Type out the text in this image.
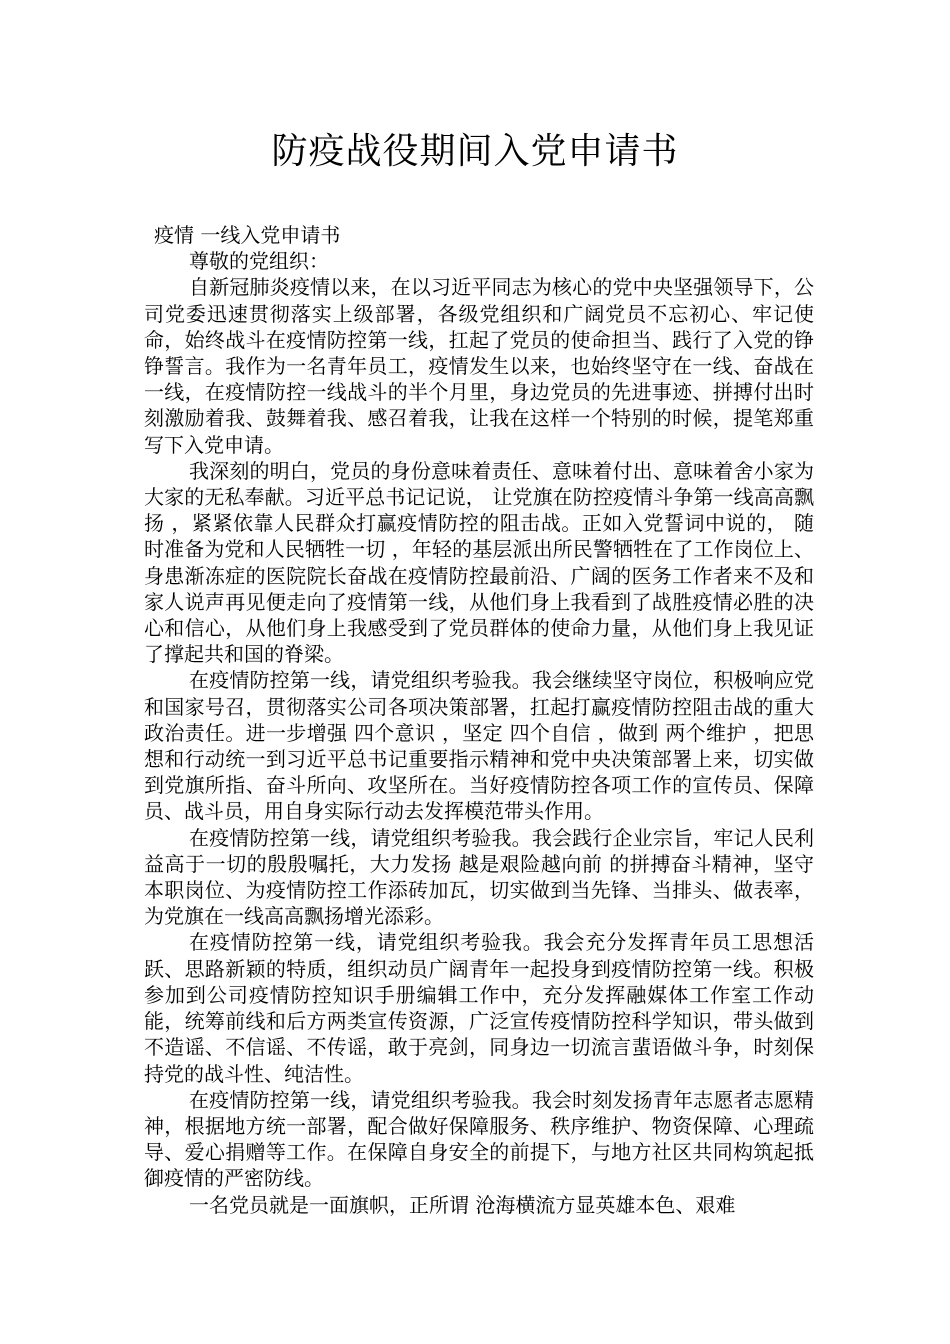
防疫战役期间入党申请书

疫情 一线入党申请书

尊敬的党组织：

自新冠肺炎疫情以来，在以习近平同志为核心的党中央坚强领导下，公司党委迅速贯彻落实上级部署，各级党组织和广阔党员不忘初心、牢记使命，始终战斗在疫情防控第一线，扛起了党员的使命担当、践行了入党的铮铮誓言。我作为一名青年员工，疫情发生以来，也始终坚守在一线、奋战在一线，在疫情防控一线战斗的半个月里，身边党员的先进事迹、拼搏付出时刻激励着我、鼓舞着我、感召着我，让我在这样一个特别的时候，提笔郑重写下入党申请。

我深刻的明白，党员的身份意味着责任、意味着付出、意味着舍小家为大家的无私奉献。习近平总书记记说， 让党旗在防控疫情斗争第一线高高飘扬 ，紧紧依靠人民群众打赢疫情防控的阻击战。正如入党誓词中说的， 随时准备为党和人民牺牲一切 ，年轻的基层派出所民警牺牲在了工作岗位上、身患渐冻症的医院院长奋战在疫情防控最前沿、广阔的医务工作者来不及和家人说声再见便走向了疫情第一线，从他们身上我看到了战胜疫情必胜的决心和信心，从他们身上我感受到了党员群体的使命力量，从他们身上我见证了撑起共和国的脊梁。

在疫情防控第一线，请党组织考验我。我会继续坚守岗位，积极响应党和国家号召，贯彻落实公司各项决策部署，扛起打赢疫情防控阻击战的重大政治责任。进一步增强 四个意识 ，坚定 四个自信 ，做到 两个维护 ，把思想和行动统一到习近平总书记重要指示精神和党中央决策部署上来，切实做到党旗所指、奋斗所向、攻坚所在。当好疫情防控各项工作的宣传员、保障员、战斗员，用自身实际行动去发挥模范带头作用。

在疫情防控第一线，请党组织考验我。我会践行企业宗旨，牢记人民利益高于一切的殷殷嘱托，大力发扬 越是艰险越向前 的拼搏奋斗精神，坚守本职岗位、为疫情防控工作添砖加瓦，切实做到当先锋、当排头、做表率，为党旗在一线高高飘扬增光添彩。

在疫情防控第一线，请党组织考验我。我会充分发挥青年员工思想活跃、思路新颖的特质，组织动员广阔青年一起投身到疫情防控第一线。积极参加到公司疫情防控知识手册编辑工作中，充分发挥融媒体工作室工作动能，统筹前线和后方两类宣传资源，广泛宣传疫情防控科学知识，带头做到不造谣、不信谣、不传谣，敢于亮剑，同身边一切流言蜚语做斗争，时刻保持党的战斗性、纯洁性。

在疫情防控第一线，请党组织考验我。我会时刻发扬青年志愿者志愿精神，根据地方统一部署，配合做好保障服务、秩序维护、物资保障、心理疏导、爱心捐赠等工作。在保障自身安全的前提下，与地方社区共同构筑起抵御疫情的严密防线。

一名党员就是一面旗帜，正所谓 沧海横流方显英雄本色、艰难
